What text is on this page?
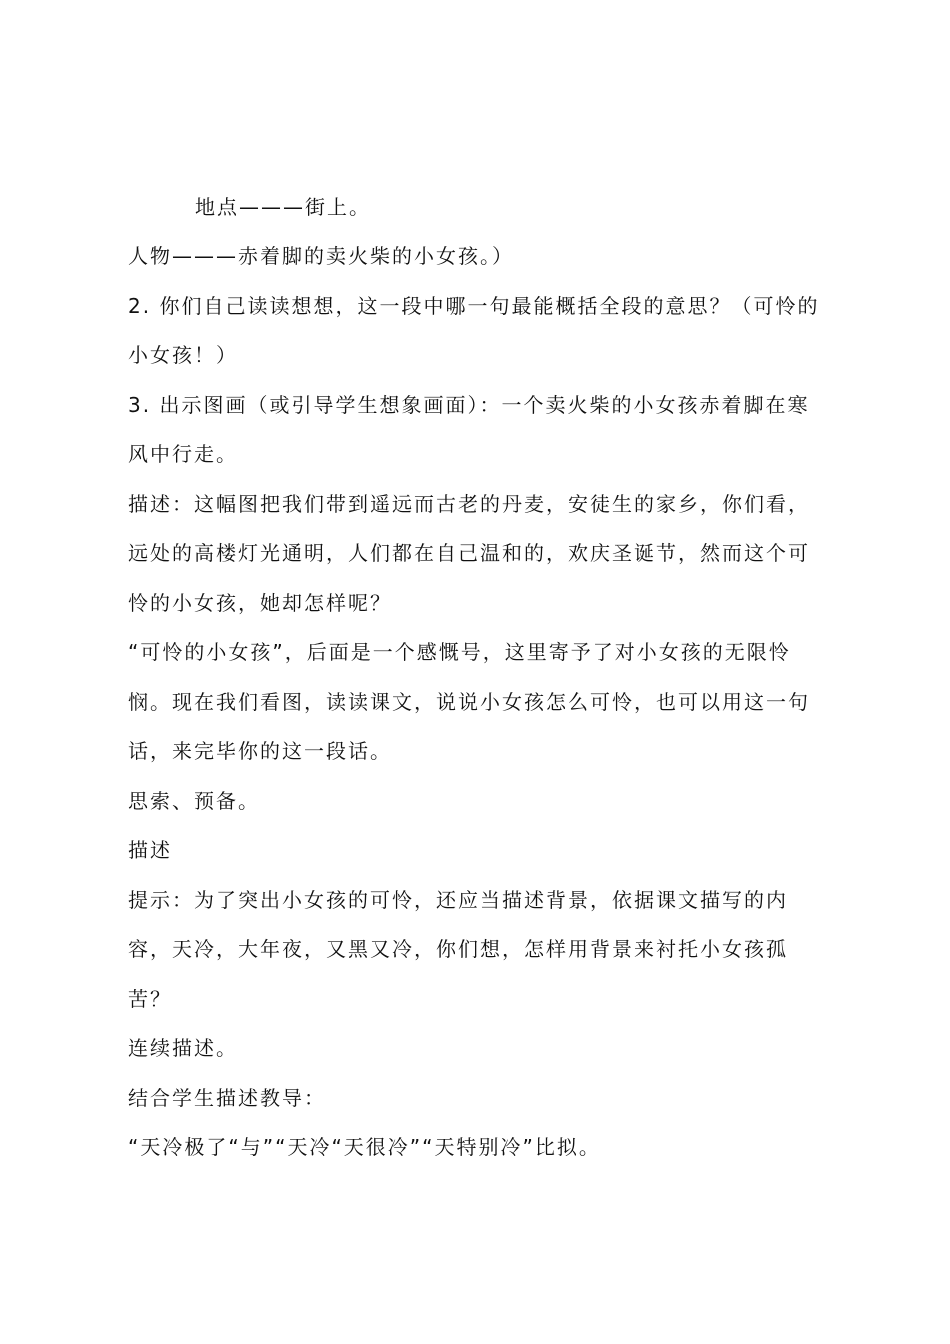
地点———街上。
人物———赤着脚的卖火柴的小女孩。）
2. 你们自己读读想想，这一段中哪一句最能概括全段的意思？（可怜的
小女孩！）
3. 出示图画（或引导学生想象画面）：一个卖火柴的小女孩赤着脚在寒
风中行走。
描述：这幅图把我们带到遥远而古老的丹麦，安徒生的家乡，你们看，
远处的高楼灯光通明，人们都在自己温和的，欢庆圣诞节，然而这个可
怜的小女孩，她却怎样呢？
“可怜的小女孩”，后面是一个感慨号，这里寄予了对小女孩的无限怜
悯。现在我们看图，读读课文，说说小女孩怎么可怜，也可以用这一句
话，来完毕你的这一段话。
思索、预备。
描述
提示：为了突出小女孩的可怜，还应当描述背景，依据课文描写的内
容，天冷，大年夜，又黑又冷，你们想，怎样用背景来衬托小女孩孤
苦？
连续描述。
结合学生描述教导：
“天冷极了“与”“天冷“天很冷”“天特别冷”比拟。
